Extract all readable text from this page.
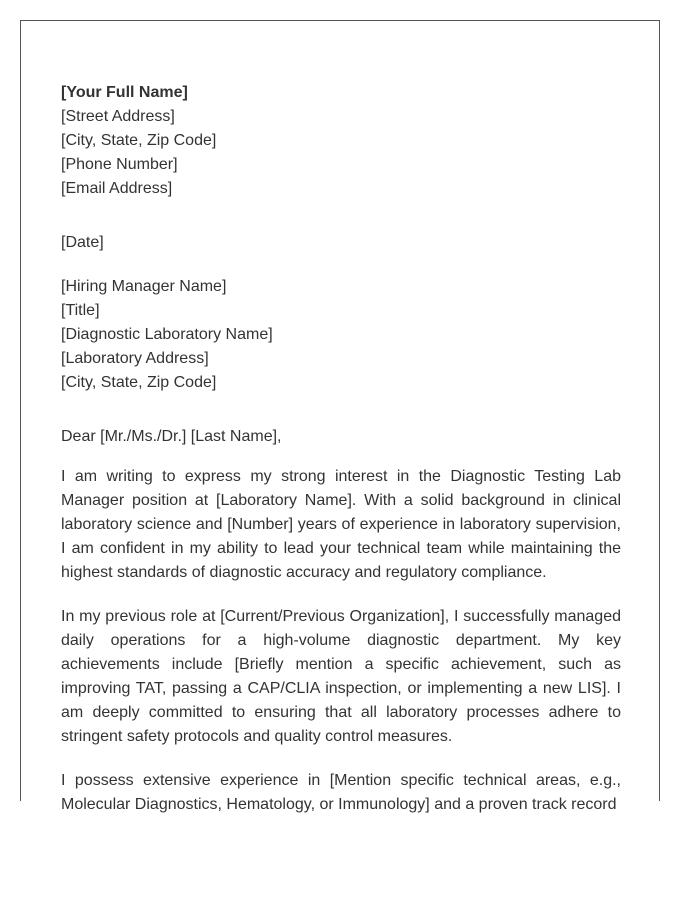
[Your Full Name]
[Street Address]
[City, State, Zip Code]
[Phone Number]
[Email Address]
[Date]
[Hiring Manager Name]
[Title]
[Diagnostic Laboratory Name]
[Laboratory Address]
[City, State, Zip Code]
Dear [Mr./Ms./Dr.] [Last Name],

I am writing to express my strong interest in the Diagnostic Testing Lab Manager position at [Laboratory Name]. With a solid background in clinical laboratory science and [Number] years of experience in laboratory supervision, I am confident in my ability to lead your technical team while maintaining the highest standards of diagnostic accuracy and regulatory compliance.

In my previous role at [Current/Previous Organization], I successfully managed daily operations for a high-volume diagnostic department. My key achievements include [Briefly mention a specific achievement, such as improving TAT, passing a CAP/CLIA inspection, or implementing a new LIS]. I am deeply committed to ensuring that all laboratory processes adhere to stringent safety protocols and quality control measures.

I possess extensive experience in [Mention specific technical areas, e.g., Molecular Diagnostics, Hematology, or Immunology] and a proven track record
